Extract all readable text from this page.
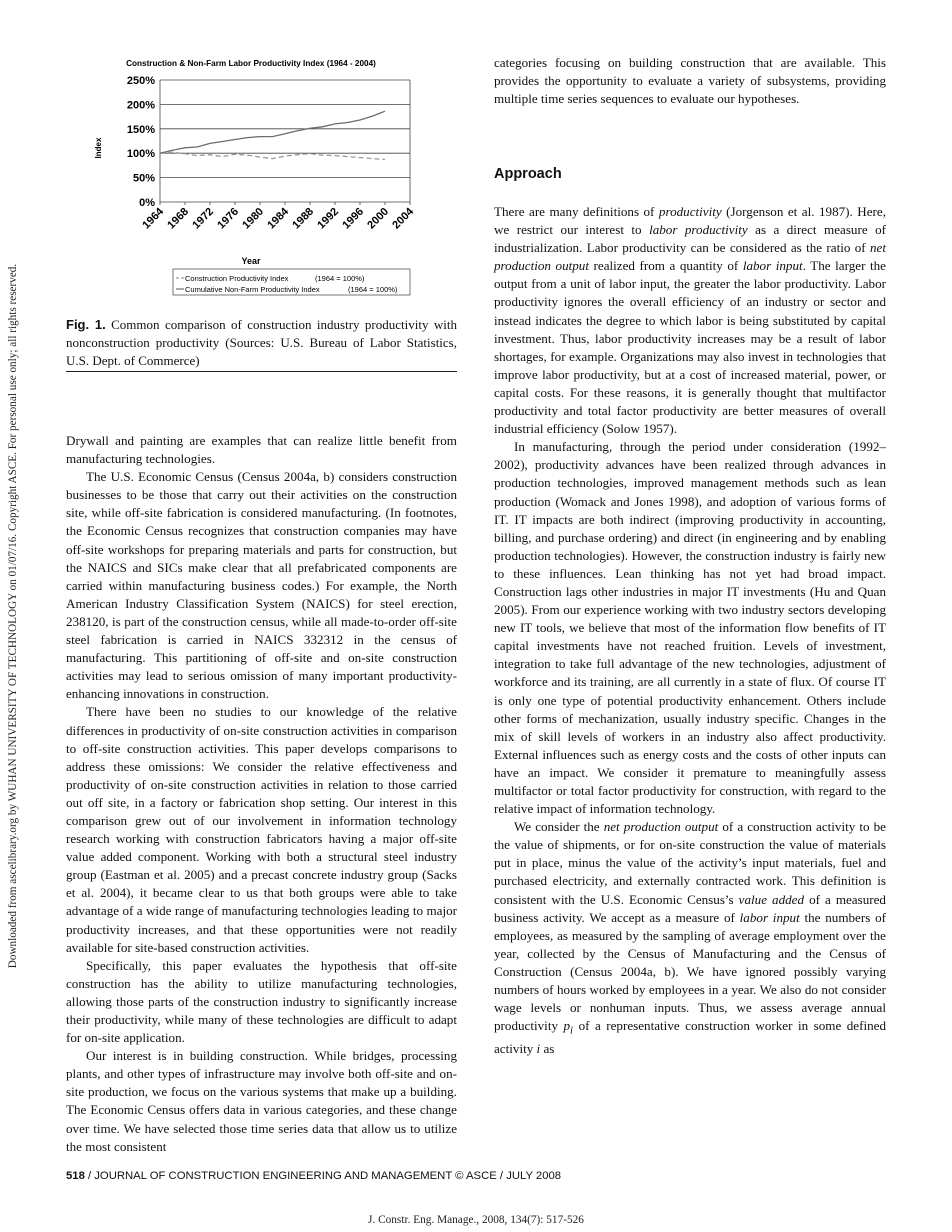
Downloaded from ascelibrary.org by WUHAN UNIVERSITY OF TECHNOLOGY on 01/07/16. Copyright ASCE. For personal use only; all rights reserved.
0%
50%
100%
150%
200%
250%
1964 1968 1972 1976 1980 1984 1988 1992 1996 2000 2004
Construction & Non-Farm Labor Productivity Index (1964 - 2004)
Year
Index
Construction Productivity Index	(1964 = 100%)
Cumulative Non-Farm Productivity Index	(1964 = 100%)
Fig. 1. Common comparison of construction industry productivity with nonconstruction productivity (Sources: U.S. Bureau of Labor Statistics, U.S. Dept. of Commerce)

Drywall and painting are examples that can realize little benefit from manufacturing technologies.

The U.S. Economic Census (Census 2004a, b) considers construction businesses to be those that carry out their activities on the construction site, while off-site fabrication is considered manufacturing. (In footnotes, the Economic Census recognizes that construction companies may have off-site workshops for preparing materials and parts for construction, but the NAICS and SICs make clear that all prefabricated components are carried within manufacturing business codes.) For example, the North American Industry Classification System (NAICS) for steel erection, 238120, is part of the construction census, while all made-to-order off-site steel fabrication is carried in NAICS 332312 in the census of manufacturing. This partitioning of off-site and on-site construction activities may lead to serious omission of many important productivity-enhancing innovations in construction.

There have been no studies to our knowledge of the relative differences in productivity of on-site construction activities in comparison to off-site construction activities. This paper develops comparisons to address these omissions: We consider the relative effectiveness and productivity of on-site construction activities in relation to those carried out off site, in a factory or fabrication shop setting. Our interest in this comparison grew out of our involvement in information technology research working with construction fabricators having a major off-site value added component. Working with both a structural steel industry group (Eastman et al. 2005) and a precast concrete industry group (Sacks et al. 2004), it became clear to us that both groups were able to take advantage of a wide range of manufacturing technologies leading to major productivity increases, and that these opportunities were not readily available for site-based construction activities.

Specifically, this paper evaluates the hypothesis that off-site construction has the ability to utilize manufacturing technologies, allowing those parts of the construction industry to significantly increase their productivity, while many of these technologies are difficult to adapt for on-site application.

Our interest is in building construction. While bridges, processing plants, and other types of infrastructure may involve both off-site and on-site production, we focus on the various systems that make up a building. The Economic Census offers data in various categories, and these change over time. We have selected those time series data that allow us to utilize the most consistent

categories focusing on building construction that are available. This provides the opportunity to evaluate a variety of subsystems, providing multiple time series sequences to evaluate our hypotheses.

Approach

There are many definitions of productivity (Jorgenson et al. 1987). Here, we restrict our interest to labor productivity as a direct measure of industrialization. Labor productivity can be considered as the ratio of net production output realized from a quantity of labor input. The larger the output from a unit of labor input, the greater the labor productivity. Labor productivity ignores the overall efficiency of an industry or sector and instead indicates the degree to which labor is being substituted by capital investment. Thus, labor productivity increases may be a result of labor shortages, for example. Organizations may also invest in technologies that improve labor productivity, but at a cost of increased material, power, or capital costs. For these reasons, it is generally thought that multifactor productivity and total factor productivity are better measures of overall industrial efficiency (Solow 1957).

In manufacturing, through the period under consideration (1992–2002), productivity advances have been realized through advances in production technologies, improved management methods such as lean production (Womack and Jones 1998), and adoption of various forms of IT. IT impacts are both indirect (improving productivity in accounting, billing, and purchase ordering) and direct (in engineering and by enabling production technologies). However, the construction industry is fairly new to these influences. Lean thinking has not yet had broad impact. Construction lags other industries in major IT investments (Hu and Quan 2005). From our experience working with two industry sectors developing new IT tools, we believe that most of the information flow benefits of IT capital investments have not reached fruition. Levels of investment, integration to take full advantage of the new technologies, adjustment of workforce and its training, are all currently in a state of flux. Of course IT is only one type of potential productivity enhancement. Others include other forms of mechanization, usually industry specific. Changes in the mix of skill levels of workers in an industry also affect productivity. External influences such as energy costs and the costs of other inputs can have an impact. We consider it premature to meaningfully assess multifactor or total factor productivity for construction, with regard to the relative impact of information technology.

We consider the net production output of a construction activity to be the value of shipments, or for on-site construction the value of materials put in place, minus the value of the activity’s input materials, fuel and purchased electricity, and externally contracted work. This definition is consistent with the U.S. Economic Census’s value added of a measured business activity. We accept as a measure of labor input the numbers of employees, as measured by the sampling of average employment over the year, collected by the Census of Manufacturing and the Census of Construction (Census 2004a, b). We have ignored possibly varying numbers of hours worked by employees in a year. We also do not consider wage levels or nonhuman inputs. Thus, we assess average annual productivity $p_i$ of a representative construction worker in some defined activity i as

518 / JOURNAL OF CONSTRUCTION ENGINEERING AND MANAGEMENT © ASCE / JULY 2008
J. Constr. Eng. Manage., 2008, 134(7): 517-526
